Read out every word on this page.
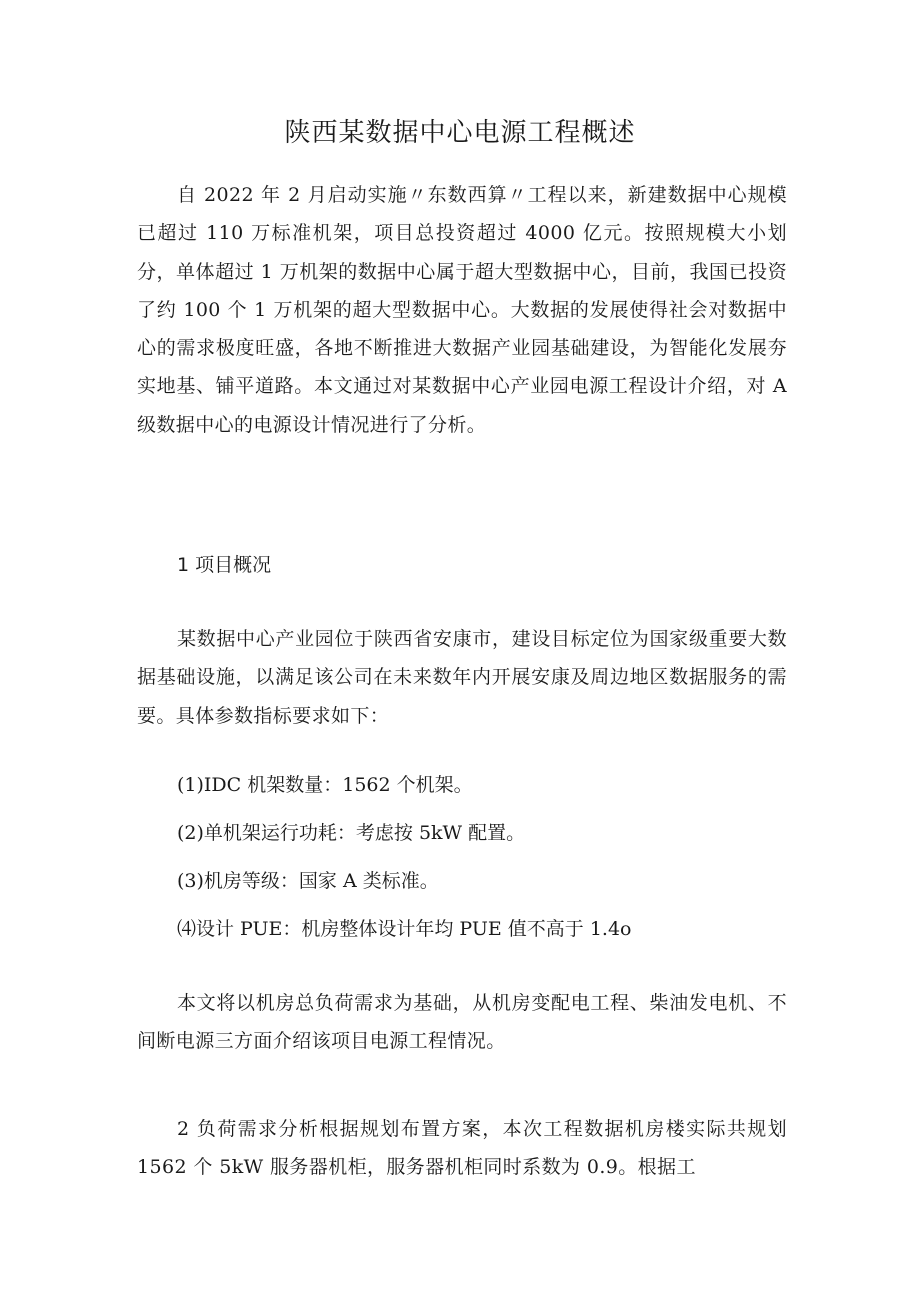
陕西某数据中心电源工程概述

自 2022 年 2 月启动实施〃东数西算〃工程以来，新建数据中心规模已超过 110 万标准机架，项目总投资超过 4000 亿元。按照规模大小划分，单体超过 1 万机架的数据中心属于超大型数据中心，目前，我国已投资了约 100 个 1 万机架的超大型数据中心。大数据的发展使得社会对数据中心的需求极度旺盛，各地不断推进大数据产业园基础建设，为智能化发展夯实地基、铺平道路。本文通过对某数据中心产业园电源工程设计介绍，对 A 级数据中心的电源设计情况进行了分析。

1 项目概况

某数据中心产业园位于陕西省安康市，建设目标定位为国家级重要大数据基础设施，以满足该公司在未来数年内开展安康及周边地区数据服务的需要。具体参数指标要求如下：

(1)IDC 机架数量：1562 个机架。

(2)单机架运行功耗：考虑按 5kW 配置。

(3)机房等级：国家 A 类标准。

⑷设计 PUE：机房整体设计年均 PUE 值不高于 1.4o

本文将以机房总负荷需求为基础，从机房变配电工程、柴油发电机、不间断电源三方面介绍该项目电源工程情况。

2 负荷需求分析根据规划布置方案，本次工程数据机房楼实际共规划 1562 个 5kW 服务器机柜，服务器机柜同时系数为 0.9。根据工
